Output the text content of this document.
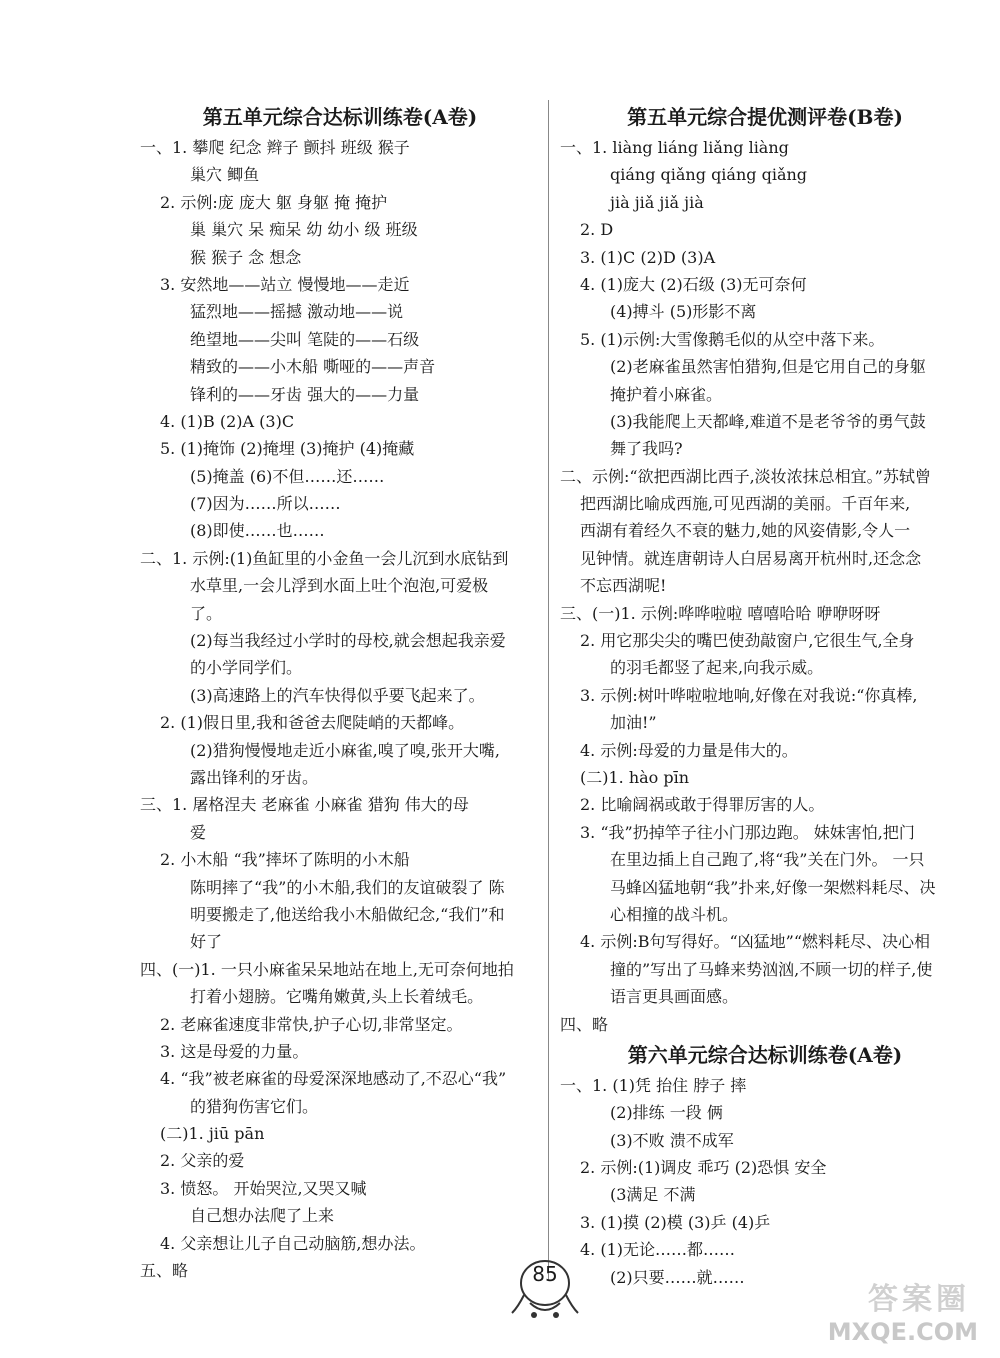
第五单元综合达标训练卷(A卷)
一、1. 攀爬 纪念 辫子 颤抖 班级 猴子
巢穴 鲫鱼
2. 示例:庞 庞大 躯 身躯 掩 掩护
巢 巢穴 呆 痴呆 幼 幼小 级 班级
猴 猴子 念 想念
3. 安然地——站立 慢慢地——走近
猛烈地——摇撼 激动地——说
绝望地——尖叫 笔陡的——石级
精致的——小木船 嘶哑的——声音
锋利的——牙齿 强大的——力量
4. (1)B (2)A (3)C
5. (1)掩饰 (2)掩埋 (3)掩护 (4)掩藏
(5)掩盖 (6)不但……还……
(7)因为……所以……
(8)即使……也……
二、1. 示例:(1)鱼缸里的小金鱼一会儿沉到水底钻到
水草里,一会儿浮到水面上吐个泡泡,可爱极
了。
(2)每当我经过小学时的母校,就会想起我亲爱
的小学同学们。
(3)高速路上的汽车快得似乎要飞起来了。
2. (1)假日里,我和爸爸去爬陡峭的天都峰。
(2)猎狗慢慢地走近小麻雀,嗅了嗅,张开大嘴,
露出锋利的牙齿。
三、1. 屠格涅夫 老麻雀 小麻雀 猎狗 伟大的母
爱
2. 小木船 “我”摔坏了陈明的小木船
陈明摔了“我”的小木船,我们的友谊破裂了 陈
明要搬走了,他送给我小木船做纪念,“我们”和
好了
四、(一)1. 一只小麻雀呆呆地站在地上,无可奈何地拍
打着小翅膀。它嘴角嫩黄,头上长着绒毛。
2. 老麻雀速度非常快,护子心切,非常坚定。
3. 这是母爱的力量。
4. “我”被老麻雀的母爱深深地感动了,不忍心“我”
的猎狗伤害它们。
(二)1. jiū pān
2. 父亲的爱
3. 愤怒。 开始哭泣,又哭又喊
自己想办法爬了上来
4. 父亲想让儿子自己动脑筋,想办法。
五、略
第五单元综合提优测评卷(B卷)
一、1. liàng liáng liǎng liàng
qiáng qiǎng qiáng qiǎng
jià jiǎ jiǎ jià
2. D
3. (1)C (2)D (3)A
4. (1)庞大 (2)石级 (3)无可奈何
(4)搏斗 (5)形影不离
5. (1)示例:大雪像鹅毛似的从空中落下来。
(2)老麻雀虽然害怕猎狗,但是它用自己的身躯
掩护着小麻雀。
(3)我能爬上天都峰,难道不是老爷爷的勇气鼓
舞了我吗?
二、示例:“欲把西湖比西子,淡妆浓抹总相宜。”苏轼曾
把西湖比喻成西施,可见西湖的美丽。千百年来,
西湖有着经久不衰的魅力,她的风姿倩影,令人一
见钟情。就连唐朝诗人白居易离开杭州时,还念念
不忘西湖呢!
三、(一)1. 示例:哗哗啦啦 嘻嘻哈哈 咿咿呀呀
2. 用它那尖尖的嘴巴使劲敲窗户,它很生气,全身
的羽毛都竖了起来,向我示威。
3. 示例:树叶哗啦啦地响,好像在对我说:“你真棒,
加油!”
4. 示例:母爱的力量是伟大的。
(二)1. hào pīn
2. 比喻阔祸或敢于得罪厉害的人。
3. “我”扔掉竿子往小门那边跑。 妹妹害怕,把门
在里边插上自己跑了,将“我”关在门外。 一只
马蜂凶猛地朝“我”扑来,好像一架燃料耗尽、决
心相撞的战斗机。
4. 示例:B句写得好。“凶猛地”“燃料耗尽、决心相
撞的”写出了马蜂来势汹汹,不顾一切的样子,使
语言更具画面感。
四、略
第六单元综合达标训练卷(A卷)
一、1. (1)凭 抬住 脖子 摔
(2)排练 一段 俩
(3)不败 溃不成军
2. 示例:(1)调皮 乖巧 (2)恐惧 安全
(3满足 不满
3. (1)摸 (2)模 (3)乒 (4)乒
4. (1)无论……都……
(2)只要……就……
85
答案圈
MXQE.COM
